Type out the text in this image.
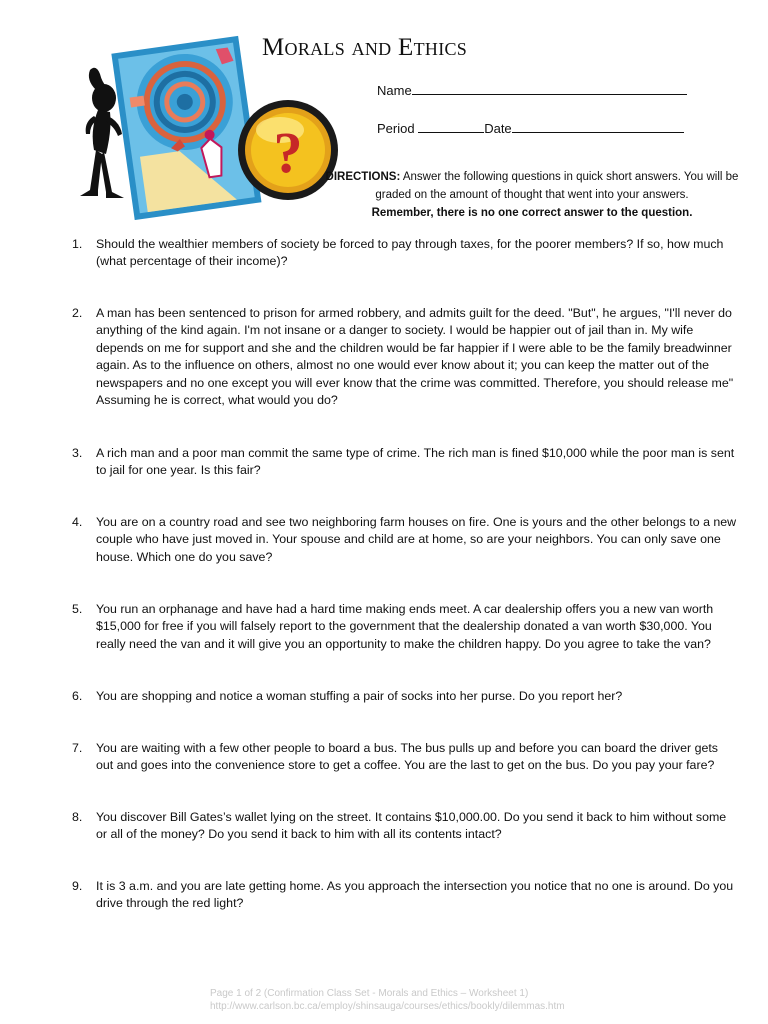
?
Morals and Ethics
Name
Period	Date
DIRECTIONS: Answer the following questions in quick short answers. You will be graded on the amount of thought that went into your answers.
Remember, there is no one correct answer to the question.
1.	Should the wealthier members of society be forced to pay through taxes, for the poorer members? If so, how much (what percentage of their income)?
2.	A man has been sentenced to prison for armed robbery, and admits guilt for the deed. "But", he argues, "I'll never do anything of the kind again. I'm not insane or a danger to society. I would be happier out of jail than in. My wife depends on me for support and she and the children would be far happier if I were able to be the family breadwinner again. As to the influence on others, almost no one would ever know about it; you can keep the matter out of the newspapers and no one except you will ever know that the crime was committed. Therefore, you should release me" Assuming he is correct, what would you do?
3.	A rich man and a poor man commit the same type of crime. The rich man is fined $10,000 while the poor man is sent to jail for one year. Is this fair?
4.	You are on a country road and see two neighboring farm houses on fire. One is yours and the other belongs to a new couple who have just moved in. Your spouse and child are at home, so are your neighbors. You can only save one house. Which one do you save?
5.	You run an orphanage and have had a hard time making ends meet. A car dealership offers you a new van worth $15,000 for free if you will falsely report to the government that the dealership donated a van worth $30,000. You really need the van and it will give you an opportunity to make the children happy. Do you agree to take the van?
6.	You are shopping and notice a woman stuffing a pair of socks into her purse. Do you report her?
7.	You are waiting with a few other people to board a bus. The bus pulls up and before you can board the driver gets out and goes into the convenience store to get a coffee. You are the last to get on the bus. Do you pay your fare?
8.	You discover Bill Gates’s wallet lying on the street. It contains $10,000.00. Do you send it back to him without some or all of the money? Do you send it back to him with all its contents intact?
9.	It is 3 a.m. and you are late getting home. As you approach the intersection you notice that no one is around. Do you drive through the red light?
Page 1 of 2 (Confirmation Class Set - Morals and Ethics – Worksheet 1)
http://www.carlson.bc.ca/employ/shinsauga/courses/ethics/bookly/dilemmas.htm
